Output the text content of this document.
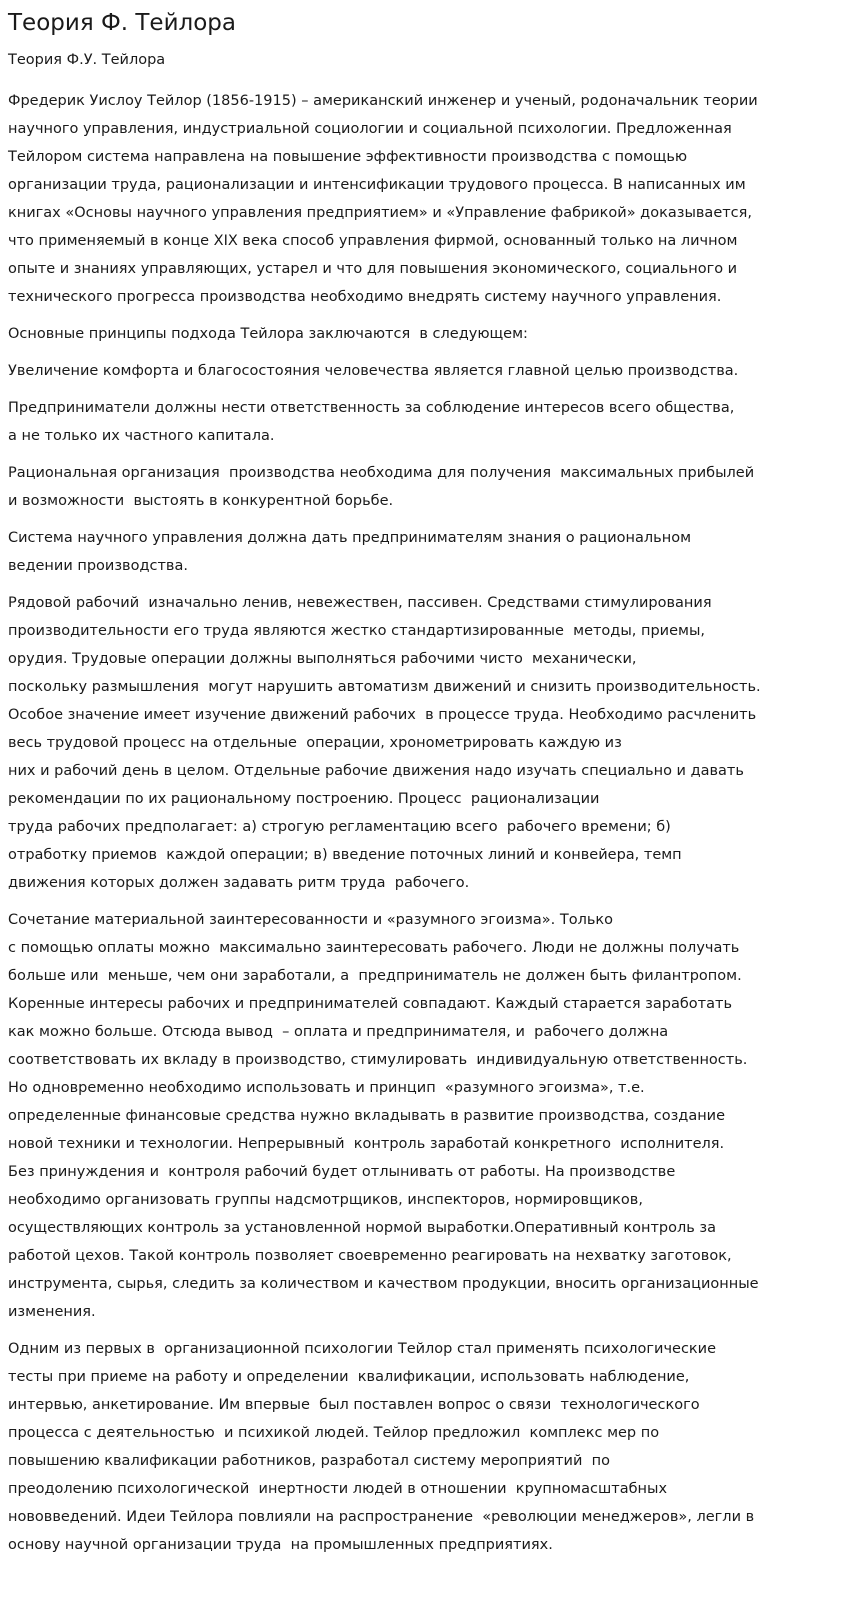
Теория Ф. Тейлора
Теория Ф.У. Тейлора

Фредерик Уислоу Тейлор (1856-1915) – американский инженер и ученый, родоначальник теории
научного управления, индустриальной социологии и социальной психологии. Предложенная
Тейлором система направлена на повышение эффективности производства с помощью
организации труда, рационализации и интенсификации трудового процесса. В написанных им
книгах «Основы научного управления предприятием» и «Управление фабрикой» доказывается,
что применяемый в конце XIX века способ управления фирмой, основанный только на личном
опыте и знаниях управляющих, устарел и что для повышения экономического, социального и
технического прогресса производства необходимо внедрять систему научного управления.

Основные принципы подхода Тейлора заключаются  в следующем:

Увеличение комфорта и благосостояния человечества является главной целью производства.

Предприниматели должны нести ответственность за соблюдение интересов всего общества,
а не только их частного капитала.

Рациональная организация  производства необходима для получения  максимальных прибылей
и возможности  выстоять в конкурентной борьбе.

Система научного управления должна дать предпринимателям знания о рациональном
ведении производства.

Рядовой рабочий  изначально ленив, невежествен, пассивен. Средствами стимулирования
производительности его труда являются жестко стандартизированные  методы, приемы,
орудия. Трудовые операции должны выполняться рабочими чисто  механически,
поскольку размышления  могут нарушить автоматизм движений и снизить производительность.
Особое значение имеет изучение движений рабочих  в процессе труда. Необходимо расчленить
весь трудовой процесс на отдельные  операции, хронометрировать каждую из
них и рабочий день в целом. Отдельные рабочие движения надо изучать специально и давать
рекомендации по их рациональному построению. Процесс  рационализации
труда рабочих предполагает: а) строгую регламентацию всего  рабочего времени; б)
отработку приемов  каждой операции; в) введение поточных линий и конвейера, темп
движения которых должен задавать ритм труда  рабочего.

Сочетание материальной заинтересованности и «разумного эгоизма». Только
с помощью оплаты можно  максимально заинтересовать рабочего. Люди не должны получать
больше или  меньше, чем они заработали, а  предприниматель не должен быть филантропом.
Коренные интересы рабочих и предпринимателей совпадают. Каждый старается заработать
как можно больше. Отсюда вывод  – оплата и предпринимателя, и  рабочего должна
соответствовать их вкладу в производство, стимулировать  индивидуальную ответственность.
Но одновременно необходимо использовать и принцип  «разумного эгоизма», т.е.
определенные финансовые средства нужно вкладывать в развитие производства, создание
новой техники и технологии. Непрерывный  контроль заработай конкретного  исполнителя.
Без принуждения и  контроля рабочий будет отлынивать от работы. На производстве
необходимо организовать группы надсмотрщиков, инспекторов, нормировщиков,
осуществляющих контроль за установленной нормой выработки.Оперативный контроль за
работой цехов. Такой контроль позволяет своевременно реагировать на нехватку заготовок,
инструмента, сырья, следить за количеством и качеством продукции, вносить организационные
изменения.

Одним из первых в  организационной психологии Тейлор стал применять психологические
тесты при приеме на работу и определении  квалификации, использовать наблюдение,
интервью, анкетирование. Им впервые  был поставлен вопрос о связи  технологического
процесса с деятельностью  и психикой людей. Тейлор предложил  комплекс мер по
повышению квалификации работников, разработал систему мероприятий  по
преодолению психологической  инертности людей в отношении  крупномасштабных
нововведений. Идеи Тейлора повлияли на распространение  «революции менеджеров», легли в
основу научной организации труда  на промышленных предприятиях.
